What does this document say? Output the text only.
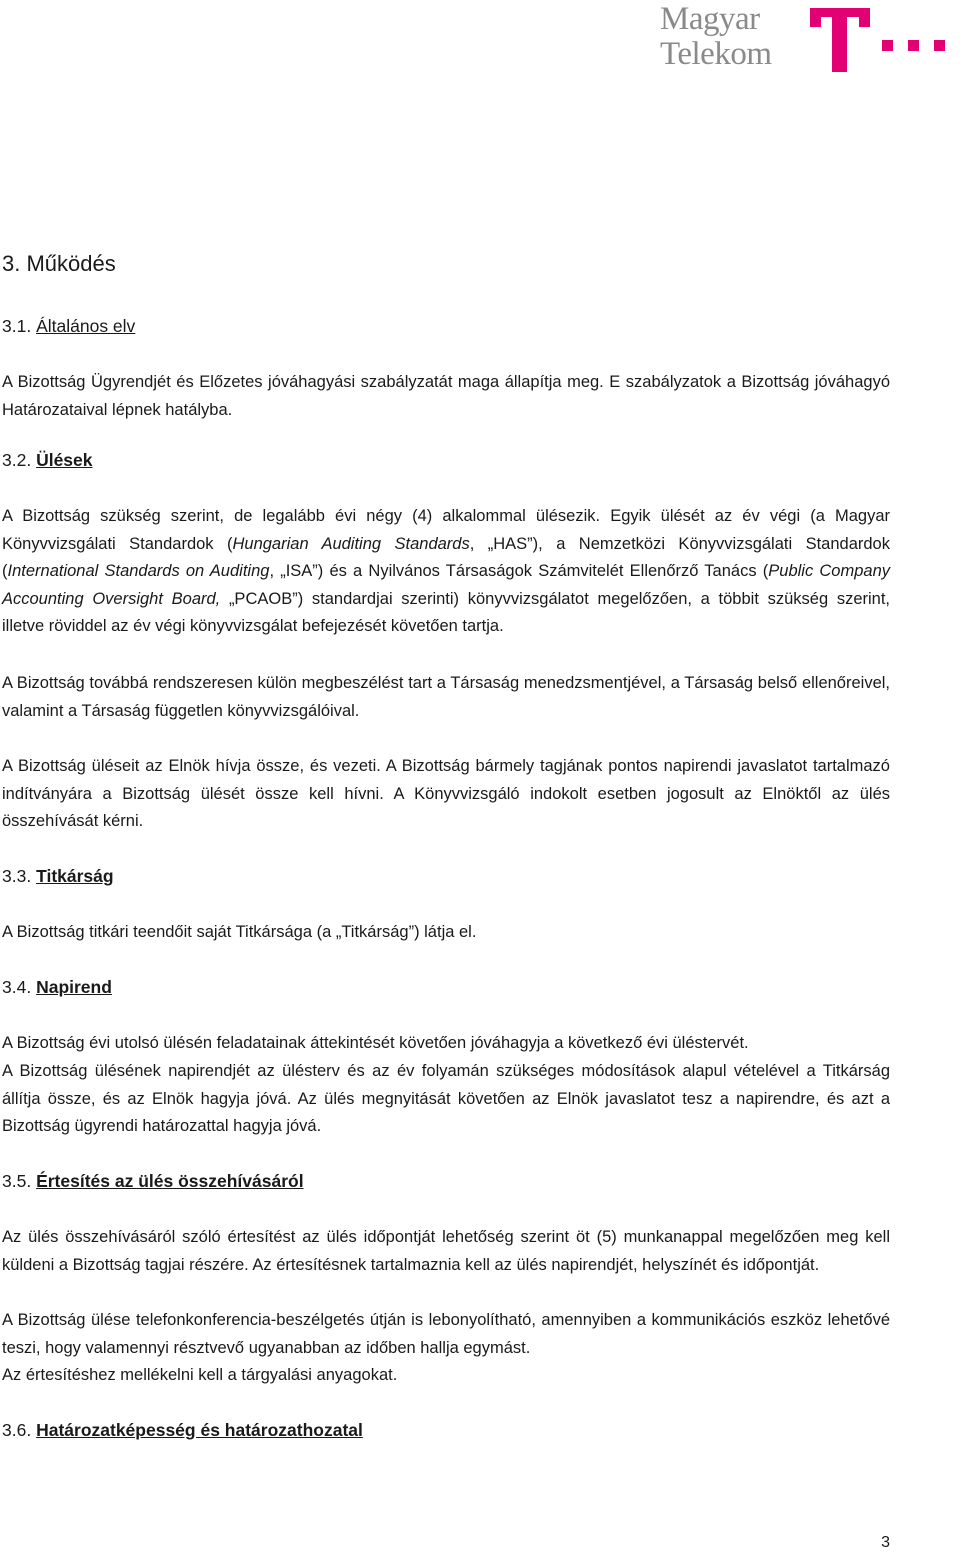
Magyar
Telekom
3. Működés
3.1. Általános elv
A Bizottság Ügyrendjét és Előzetes jóváhagyási szabályzatát maga állapítja meg. E szabályzatok a Bizottság jóváhagyó Határozataival lépnek hatályba.
3.2. Ülések
A Bizottság szükség szerint, de legalább évi négy (4) alkalommal ülésezik. Egyik ülését az év végi (a Magyar Könyvvizsgálati Standardok (Hungarian Auditing Standards, „HAS”), a Nemzetközi Könyvvizsgálati Standardok (International Standards on Auditing, „ISA”) és a Nyilvános Társaságok Számvitelét Ellenőrző Tanács (Public Company Accounting Oversight Board, „PCAOB”) standardjai szerinti) könyvvizsgálatot megelőzően, a többit szükség szerint, illetve röviddel az év végi könyvvizsgálat befejezését követően tartja.
A Bizottság továbbá rendszeresen külön megbeszélést tart a Társaság menedzsmentjével, a Társaság belső ellenőreivel, valamint a Társaság független könyvvizsgálóival.
A Bizottság üléseit az Elnök hívja össze, és vezeti. A Bizottság bármely tagjának pontos napirendi javaslatot tartalmazó indítványára a Bizottság ülését össze kell hívni. A Könyvvizsgáló indokolt esetben jogosult az Elnöktől az ülés összehívását kérni.
3.3. Titkárság
A Bizottság titkári teendőit saját Titkársága (a „Titkárság”) látja el.
3.4. Napirend
A Bizottság évi utolsó ülésén feladatainak áttekintését követően jóváhagyja a következő évi üléstervét.
A Bizottság ülésének napirendjét az ülésterv és az év folyamán szükséges módosítások alapul vételével a Titkárság állítja össze, és az Elnök hagyja jóvá. Az ülés megnyitását követően az Elnök javaslatot tesz a napirendre, és azt a Bizottság ügyrendi határozattal hagyja jóvá.
3.5. Értesítés az ülés összehívásáról
Az ülés összehívásáról szóló értesítést az ülés időpontját lehetőség szerint öt (5) munkanappal megelőzően meg kell küldeni a Bizottság tagjai részére. Az értesítésnek tartalmaznia kell az ülés napirendjét, helyszínét és időpontját.
A Bizottság ülése telefonkonferencia-beszélgetés útján is lebonyolítható, amennyiben a kommunikációs eszköz lehetővé teszi, hogy valamennyi résztvevő ugyanabban az időben hallja egymást.
Az értesítéshez mellékelni kell a tárgyalási anyagokat.
3.6. Határozatképesség és határozathozatal
3
